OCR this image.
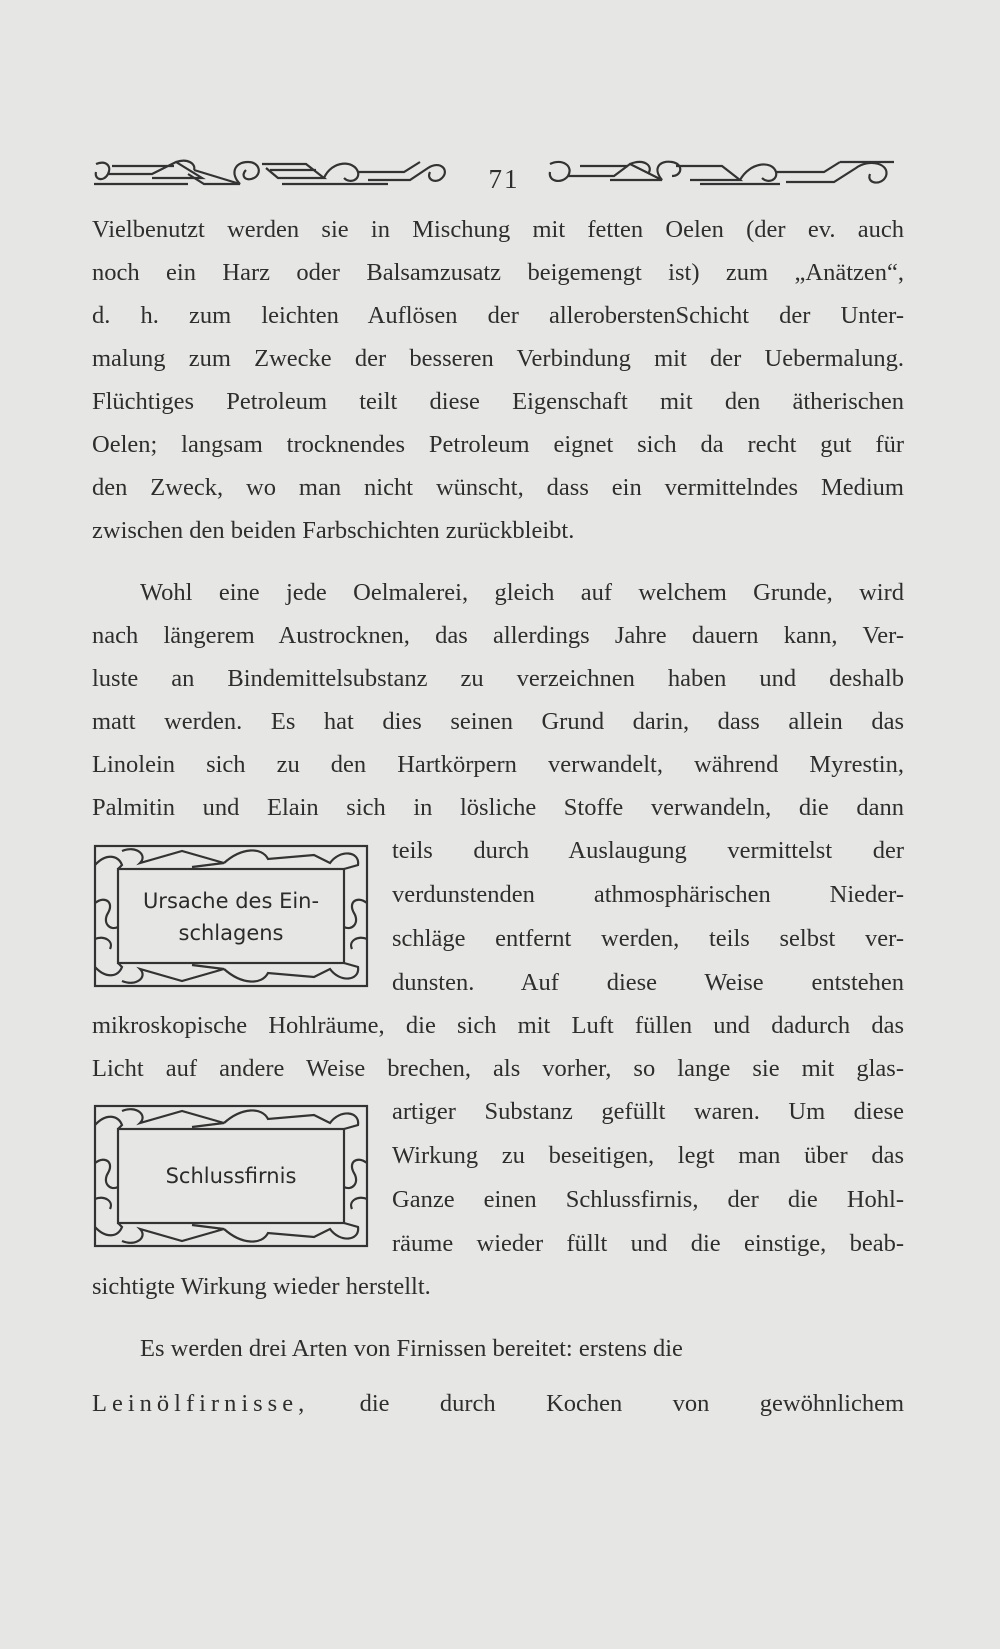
71
Vielbenutzt werden sie in Mischung mit fetten Oelen (der ev. auch
noch ein Harz oder Balsamzusatz beigemengt ist) zum „Anätzen“,
d. h. zum leichten Auflösen der alleroberstenSchicht der Unter-
malung zum Zwecke der besseren Verbindung mit der Uebermalung.
Flüchtiges Petroleum teilt diese Eigenschaft mit den ätherischen
Oelen; langsam trocknendes Petroleum eignet sich da recht gut für
den Zweck, wo man nicht wünscht, dass ein vermittelndes Medium
zwischen den beiden Farbschichten zurückbleibt.
Wohl eine jede Oelmalerei, gleich auf welchem Grunde, wird
nach längerem Austrocknen, das allerdings Jahre dauern kann, Ver-
luste an Bindemittelsubstanz zu verzeichnen haben und deshalb
matt werden. Es hat dies seinen Grund darin, dass allein das
Linolein sich zu den Hartkörpern verwandelt, während Myrestin,
Palmitin und Elain sich in lösliche Stoffe verwandeln, die dann
teils durch Auslaugung vermittelst der
verdunstenden athmosphärischen Nieder-
schläge entfernt werden, teils selbst ver-
dunsten. Auf diese Weise entstehen
Ursache des Ein-
schlagens
mikroskopische Hohlräume, die sich mit Luft füllen und dadurch das
Licht auf andere Weise brechen, als vorher, so lange sie mit glas-
artiger Substanz gefüllt waren. Um diese
Wirkung zu beseitigen, legt man über das
Ganze einen Schlussfirnis, der die Hohl-
räume wieder füllt und die einstige, beab-
Schlussfirnis
sichtigte Wirkung wieder herstellt.
Es werden drei Arten von Firnissen bereitet: erstens die
Leinölfirnisse, die durch Kochen von gewöhnlichem
